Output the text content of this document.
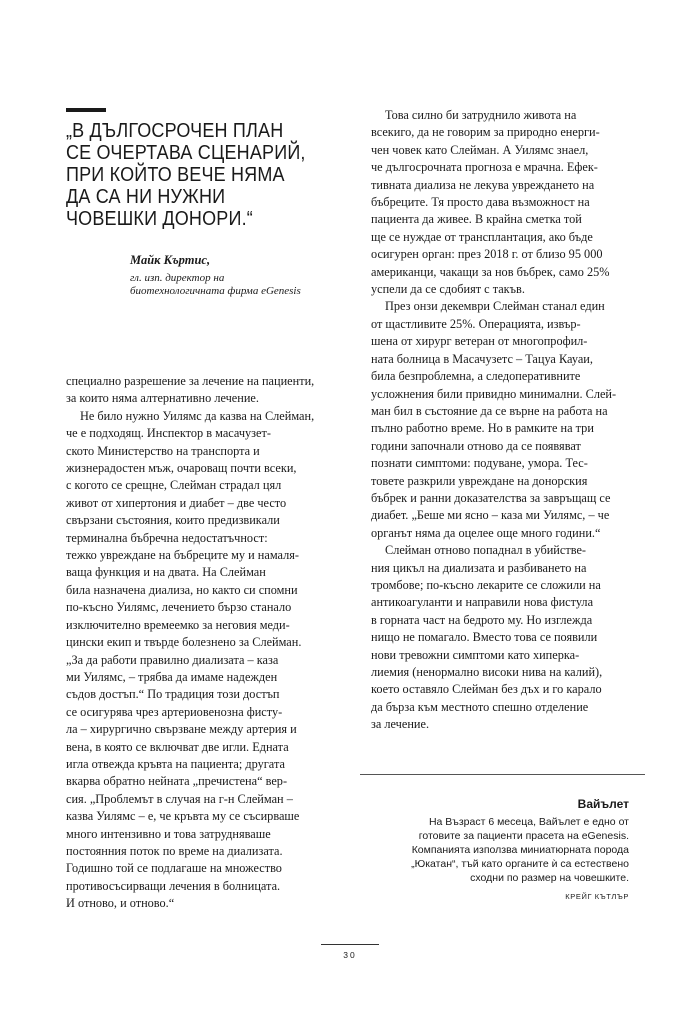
„В ДЪЛГОСРОЧЕН ПЛАН
СЕ ОЧЕРТАВА СЦЕНАРИЙ,
ПРИ КОЙТО ВЕЧЕ НЯМА
ДА СА НИ НУЖНИ
ЧОВЕШКИ ДОНОРИ.“

Майк Къртис,

гл. изп. директор на
биотехнологичната фирма eGenesis

специално разрешение за лечение на пациенти,
за които няма алтернативно лечение.

Не било нужно Уилямс да казва на Слейман,
че е подходящ. Инспектор в масачузет-
ското Министерство на транспорта и
жизнерадостен мъж, очароващ почти всеки,
с когото се срещне, Слейман страдал цял
живот от хипертония и диабет – две често
свързани състояния, които предизвикали
терминална бъбречна недостатъчност:
тежко увреждане на бъбреците му и намаля-
ваща функция и на двата. На Слейман
била назначена диализа, но както си спомни
по-късно Уилямс, лечението бързо станало
изключително времеемко за неговия меди-
цински екип и твърде болезнено за Слейман.
„За да работи правилно диализата – каза
ми Уилямс, – трябва да имаме надежден
съдов достъп.“ По традиция този достъп
се осигурява чрез артериовенозна фисту-
ла – хирургично свързване между артерия и
вена, в която се включват две игли. Едната
игла отвежда кръвта на пациента; другата
вкарва обратно нейната „пречистена“ вер-
сия. „Проблемът в случая на г-н Слейман –
казва Уилямс – е, че кръвта му се съсирваше
много интензивно и това затрудняваше
постоянния поток по време на диализата.
Годишно той се подлагаше на множество
противосъсирващи лечения в болницата.
И отново, и отново.“

Това силно би затруднило живота на
всекиго, да не говорим за природно енерги-
чен човек като Слейман. А Уилямс знаел,
че дългосрочната прогноза е мрачна. Ефек-
тивната диализа не лекува увреждането на
бъбреците. Тя просто дава възможност на
пациента да живее. В крайна сметка той
ще се нуждае от трансплантация, ако бъде
осигурен орган: през 2018 г. от близо 95 000
американци, чакащи за нов бъбрек, само 25%
успели да се сдобият с такъв.

През онзи декември Слейман станал един
от щастливите 25%. Операцията, извър-
шена от хирург ветеран от многопрофил-
ната болница в Масачузетс – Тацуа Кауаи,
била безпроблемна, а следоперативните
усложнения били привидно минимални. Слей-
ман бил в състояние да се върне на работа на
пълно работно време. Но в рамките на три
години започнали отново да се появяват
познати симптоми: подуване, умора. Тес-
товете разкрили увреждане на донорския
бъбрек и ранни доказателства за завръщащ се
диабет. „Беше ми ясно – каза ми Уилямс, – че
органът няма да оцелее още много години.“

Слейман отново попаднал в убийстве-
ния цикъл на диализата и разбиването на
тромбове; по-късно лекарите се сложили на
антикоагуланти и направили нова фистула
в горната част на бедрото му. Но изглежда
нищо не помагало. Вместо това се появили
нови тревожни симптоми като хиперка-
лиемия (ненормално високи нива на калий),
което оставяло Слейман без дъх и го карало
да бърза към местното спешно отделение
за лечение.

Вайълет

На Възраст 6 месеца, Вайълет е едно от
готовите за пациенти прасета на eGenesis.
Компанията използва миниатюрната порода
„Юкатан“, тъй като органите ѝ са естествено
сходни по размер на човешките.

КРЕЙГ КЪТЛЪР

30
